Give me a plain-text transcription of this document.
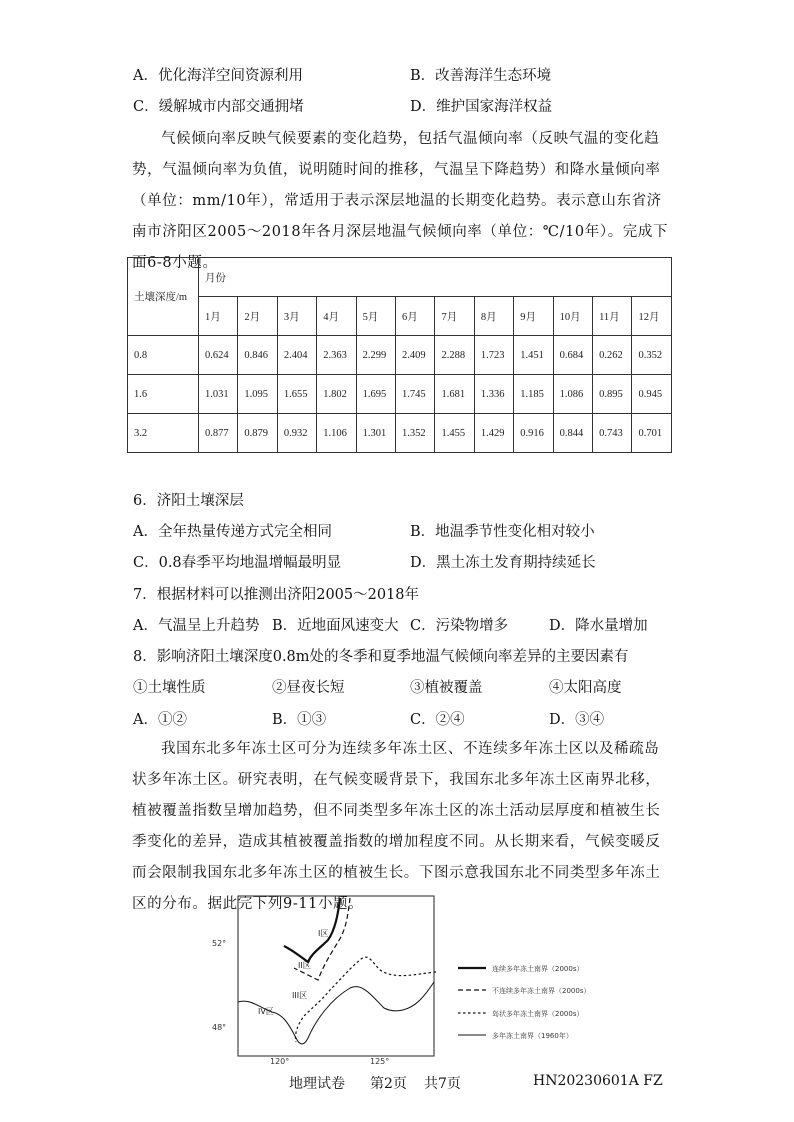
A．优化海洋空间资源利用	B．改善海洋生态环境
C．缓解城市内部交通拥堵	D．维护国家海洋权益
气候倾向率反映气候要素的变化趋势，包括气温倾向率（反映气温的变化趋势，气温倾向率为负值，说明随时间的推移，气温呈下降趋势）和降水量倾向率（单位：mm/10年），常适用于表示深层地温的长期变化趋势。表示意山东省济南市济阳区2005～2018年各月深层地温气候倾向率（单位：℃/10年）。完成下面6-8小题。
土壤深度/m	月份											
	1月	2月	3月	4月	5月	6月	7月	8月	9月	10月	11月	12月
0.8	0.624	0.846	2.404	2.363	2.299	2.409	2.288	1.723	1.451	0.684	0.262	0.352
1.6	1.031	1.095	1.655	1.802	1.695	1.745	1.681	1.336	1.185	1.086	0.895	0.945
3.2	0.877	0.879	0.932	1.106	1.301	1.352	1.455	1.429	0.916	0.844	0.743	0.701
6．济阳土壤深层
A．全年热量传递方式完全相同	B．地温季节性变化相对较小
C．0.8春季平均地温增幅最明显	D．黑土冻土发育期持续延长
7．根据材料可以推测出济阳2005～2018年
A．气温呈上升趋势 B．近地面风速变大 C．污染物增多	D．降水量增加
8．影响济阳土壤深度0.8m处的冬季和夏季地温气候倾向率差异的主要因素有
①土壤性质	②昼夜长短	③植被覆盖	④太阳高度
A．①②	B．①③	C．②④	D．③④
我国东北多年冻土区可分为连续多年冻土区、不连续多年冻土区以及稀疏岛状多年冻土区。研究表明，在气候变暖背景下，我国东北多年冻土区南界北移，植被覆盖指数呈增加趋势，但不同类型多年冻土区的冻土活动层厚度和植被生长季变化的差异，造成其植被覆盖指数的增加程度不同。从长期来看，气候变暖反而会限制我国东北多年冻土区的植被生长。下图示意我国东北不同类型多年冻土区的分布。据此完下列9-11小题。
52°
48°
120°	125°
I区
II区
III区
IV区
连续多年冻土南界（2000s）
不连续多年冻土南界（2000s）
岛状多年冻土南界（2000s）
多年冻土南界（1960年）
地理试卷 第2页 共7页	HN20230601A FZ
